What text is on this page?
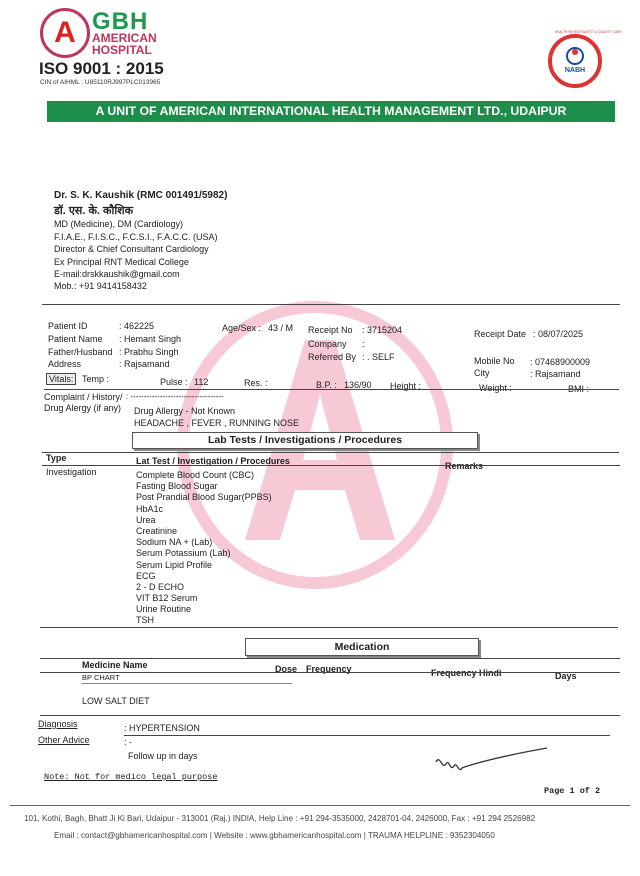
A GBH
AMERICAN
HOSPITAL
ISO 9001 : 2015
CIN of AIHML : U85110RJ997PLC013965
NABH
HEALTH PATIENT SAFETY & QUALITY CARE
A UNIT OF AMERICAN INTERNATIONAL HEALTH MANAGEMENT LTD., UDAIPUR
Dr. S. K. Kaushik (RMC 001491/5982)
डॉ. एस. के. कौशिक
MD (Medicine), DM (Cardiology)
F.I.A.E., F.I.S.C., F.C.S.I., F.A.C.C. (USA)
Director & Chief Consultant Cardiology
Ex Principal RNT Medical College
E-mail:drskkaushik@gmail.com
Mob.: +91 9414158432
Patient ID	: 462225
Patient Name : Hemant Singh
Father/Husband : Prabhu Singh
Address	: Rajsamand
Age/Sex : 43 / M Receipt No : 3715204
Company :
Referred By : . SELF
Receipt Date : 08/07/2025
Mobile No : 07468900009
City	: Rajsamand
Vitals: Temp :	Pulse : 112	Res. :	B.P. : 136/90 Height :	Weight :	BMI :
Complaint / History/
Drug Alergy (if any)
: -----------------------------------
Drug Allergy - Not Known
HEADACHE , FEVER , RUNNING NOSE
Lab Tests / Investigations / Procedures
Type	Lat Test / Investigation / Procedures	Remarks
Investigation	Complete Blood Count (CBC)
Fasting Blood Sugar
Post Prandial Blood Sugar(PPBS)
HbA1c
Urea
Creatinine
Sodium NA + (Lab)
Serum Potassium (Lab)
Serum Lipid Profile
ECG
2 - D ECHO
VIT B12 Serum
Urine Routine
TSH
Medication
Medicine Name	Dose Frequency	Frequency Hindi	Days
BP CHART
LOW SALT DIET
Diagnosis	: HYPERTENSION
Other Advice	: -
Follow up in days
Note: Not for medico legal purpose
Page 1 of 2
101, Kothi, Bagh, Bhatt Ji Ki Bari, Udaipur - 313001 (Raj.) INDIA, Help Line : +91 294-3535000, 2428701-04, 2426000, Fax : +91 294 2526982
Email : contact@gbhamericanhospital.com | Website : www.gbhamericanhospital.com | TRAUMA HELPLINE : 9352304050
